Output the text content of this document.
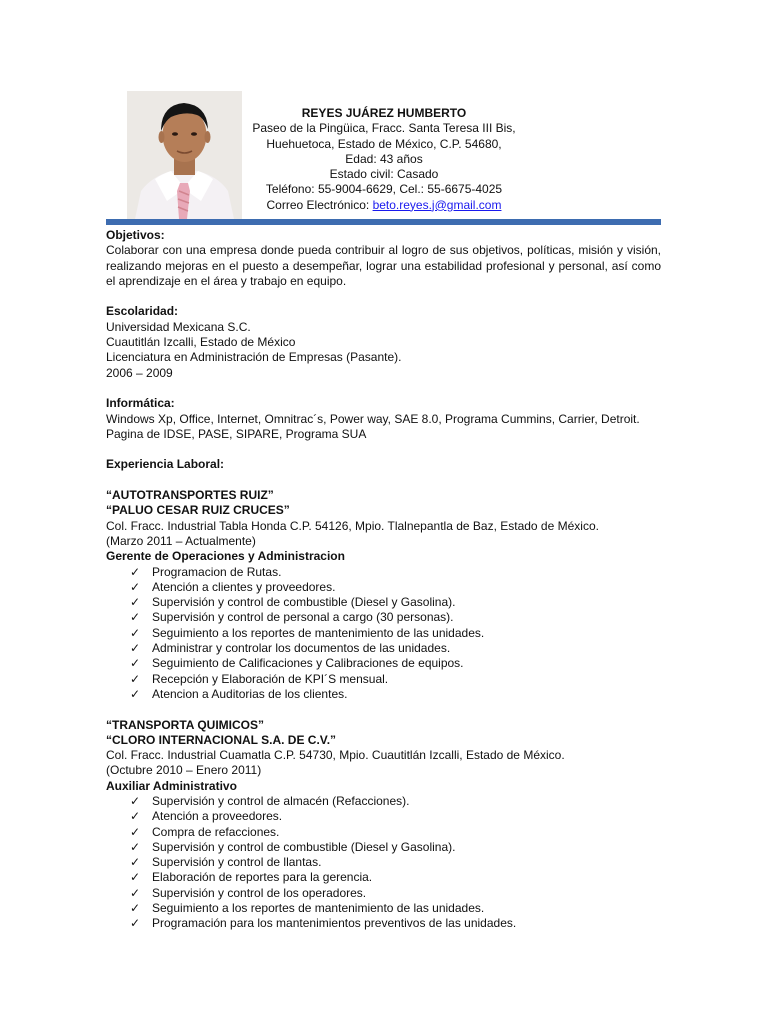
REYES JUÁREZ HUMBERTO
Paseo de la Pingüica, Fracc. Santa Teresa III Bis,
Huehuetoca, Estado de México, C.P. 54680,
Edad: 43 años
Estado civil: Casado
Teléfono: 55-9004-6629, Cel.: 55-6675-4025
Correo Electrónico: beto.reyes.j@gmail.com
Objetivos:
Colaborar con una empresa donde pueda contribuir al logro de sus objetivos, políticas, misión y visión, realizando mejoras en el puesto a desempeñar, lograr una estabilidad profesional y personal, así como el aprendizaje en el área y trabajo en equipo.
Escolaridad:
Universidad Mexicana S.C.
Cuautitlán Izcalli, Estado de México
Licenciatura en Administración de Empresas (Pasante).
2006 – 2009
Informática:
Windows Xp, Office, Internet, Omnitrac´s, Power way, SAE 8.0, Programa Cummins, Carrier, Detroit.
Pagina de IDSE, PASE, SIPARE, Programa SUA
Experiencia Laboral:
“AUTOTRANSPORTES RUIZ”
“PALUO CESAR RUIZ CRUCES”
Col. Fracc. Industrial Tabla Honda C.P. 54126, Mpio. Tlalnepantla de Baz, Estado de México.
(Marzo 2011 – Actualmente)
Gerente de Operaciones y Administracion
✓ Programacion de Rutas.
✓ Atención a clientes y proveedores.
✓ Supervisión y control de combustible (Diesel y Gasolina).
✓ Supervisión y control de personal a cargo (30 personas).
✓ Seguimiento a los reportes de mantenimiento de las unidades.
✓ Administrar y controlar los documentos de las unidades.
✓ Seguimiento de Calificaciones y Calibraciones de equipos.
✓ Recepción y Elaboración de KPI´S mensual.
✓ Atencion a Auditorias de los clientes.
“TRANSPORTA QUIMICOS”
“CLORO INTERNACIONAL S.A. DE C.V.”
Col. Fracc. Industrial Cuamatla C.P. 54730, Mpio. Cuautitlán Izcalli, Estado de México.
(Octubre 2010 – Enero 2011)
Auxiliar Administrativo
✓ Supervisión y control de almacén (Refacciones).
✓ Atención a proveedores.
✓ Compra de refacciones.
✓ Supervisión y control de combustible (Diesel y Gasolina).
✓ Supervisión y control de llantas.
✓ Elaboración de reportes para la gerencia.
✓ Supervisión y control de los operadores.
✓ Seguimiento a los reportes de mantenimiento de las unidades.
✓ Programación para los mantenimientos preventivos de las unidades.
